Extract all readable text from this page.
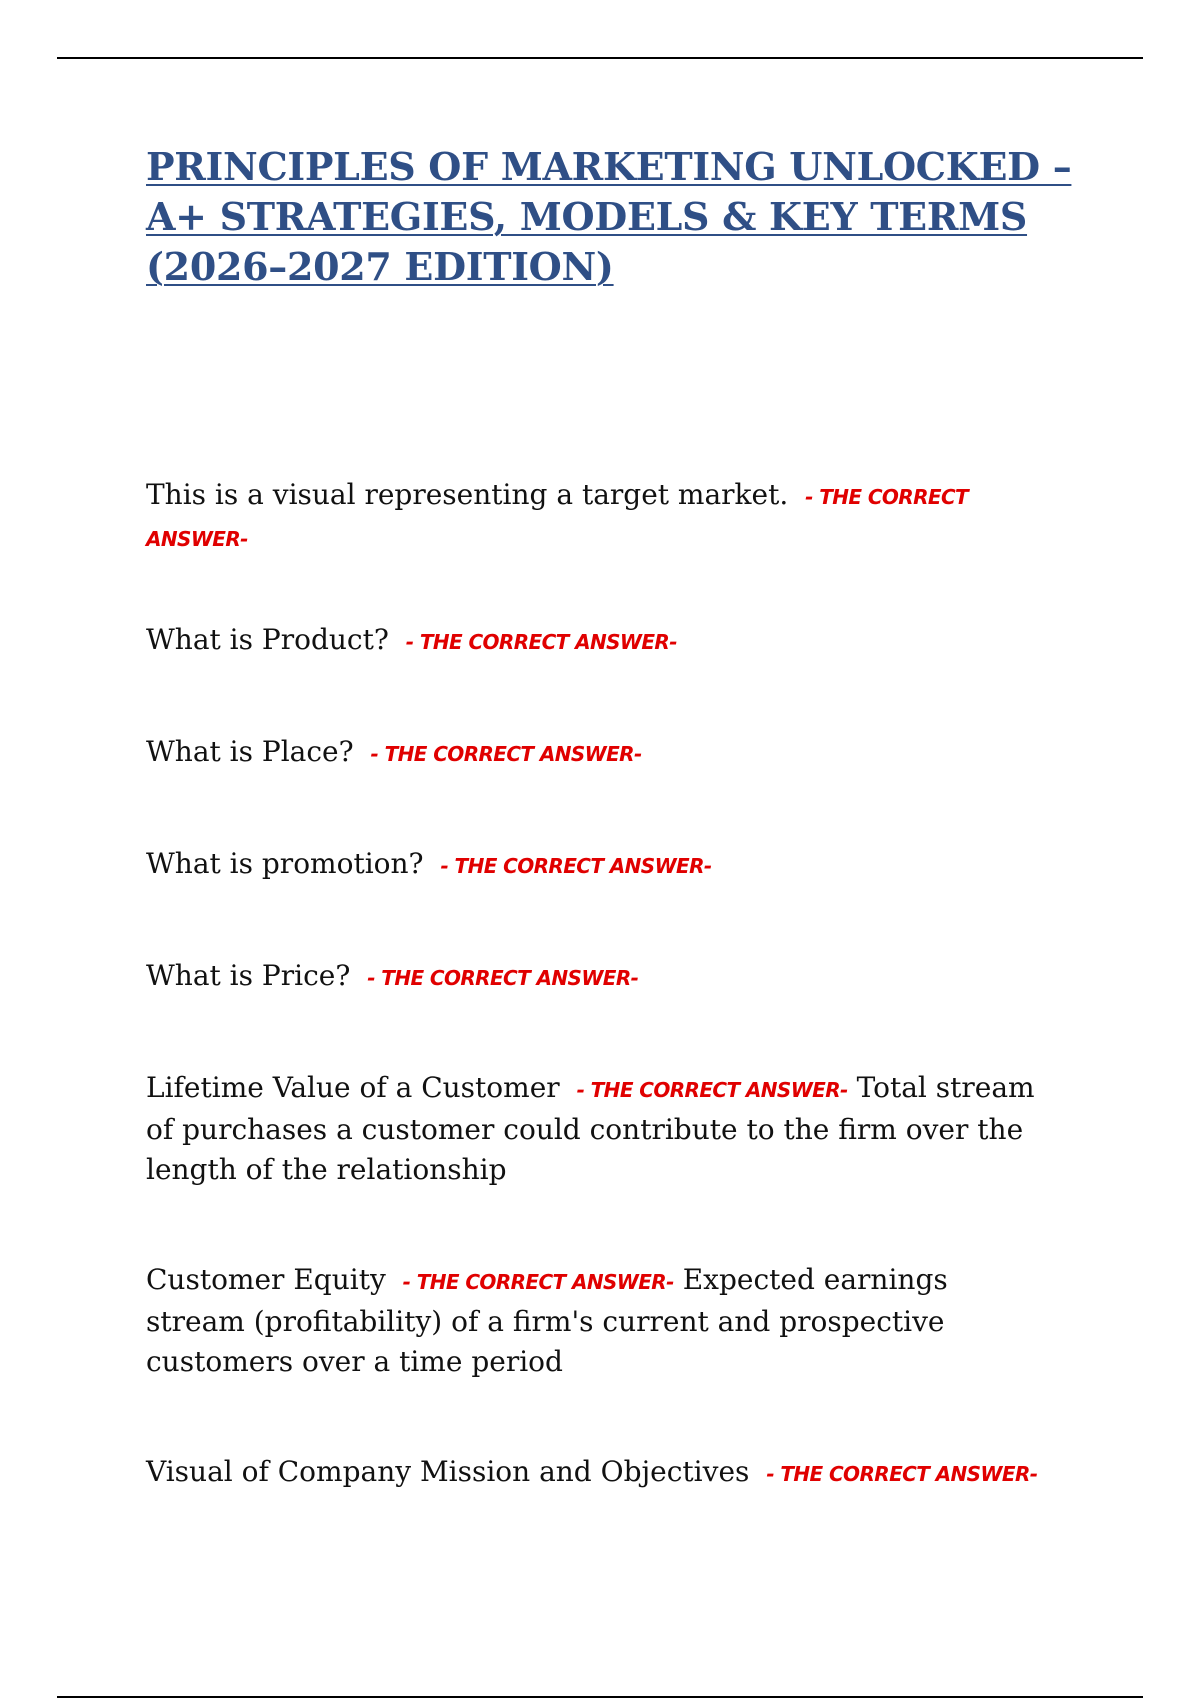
PRINCIPLES OF MARKETING UNLOCKED – A+ STRATEGIES, MODELS & KEY TERMS (2026–2027 EDITION)
This is a visual representing a target market. - THE CORRECT ANSWER-
What is Product? - THE CORRECT ANSWER-
What is Place? - THE CORRECT ANSWER-
What is promotion? - THE CORRECT ANSWER-
What is Price? - THE CORRECT ANSWER-
Lifetime Value of a Customer - THE CORRECT ANSWER- Total stream of purchases a customer could contribute to the firm over the length of the relationship
Customer Equity - THE CORRECT ANSWER- Expected earnings stream (profitability) of a firm's current and prospective customers over a time period
Visual of Company Mission and Objectives - THE CORRECT ANSWER-
